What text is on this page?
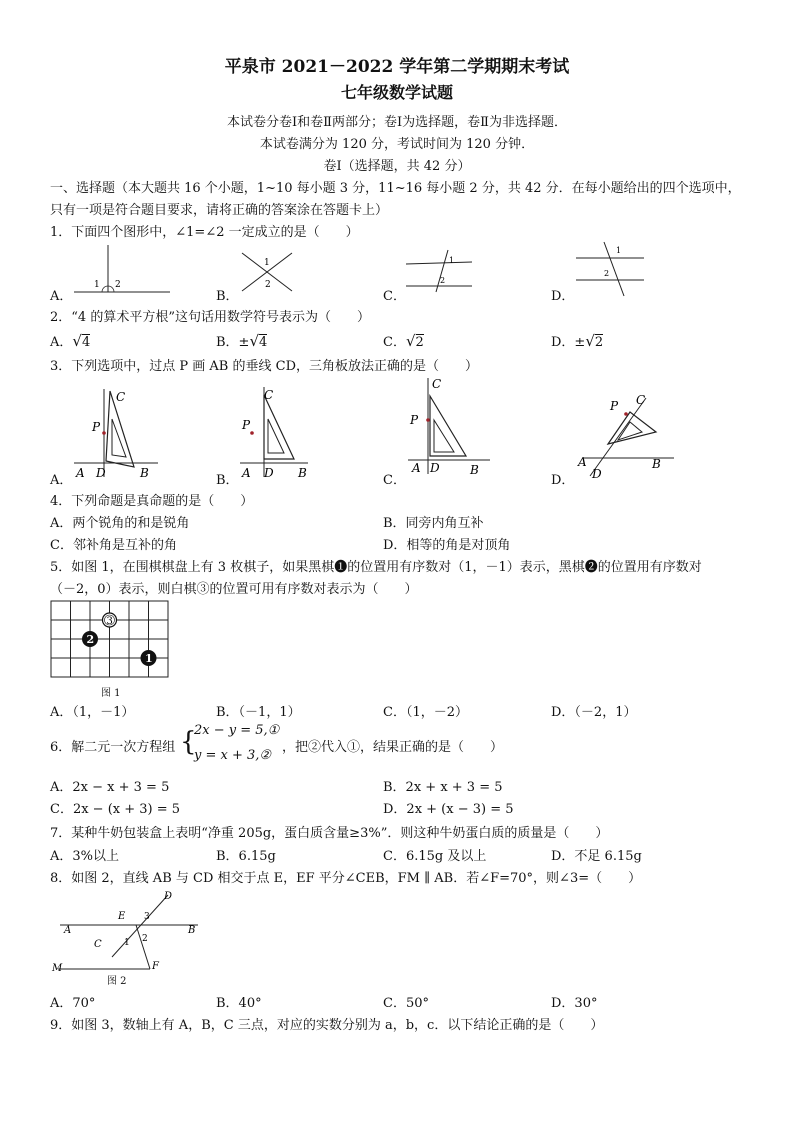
平泉市 2021－2022 学年第二学期期末考试
七年级数学试题
本试卷分卷Ⅰ和卷Ⅱ两部分；卷Ⅰ为选择题，卷Ⅱ为非选择题．
本试卷满分为 120 分，考试时间为 120 分钟．
卷Ⅰ（选择题，共 42 分）
一、选择题（本大题共 16 个小题，1~10 每小题 3 分，11~16 每小题 2 分，共 42 分．在每小题给出的四个选项中，
只有一项是符合题目要求，请将正确的答案涂在答题卡上）
1．下面四个图形中，∠1=∠2 一定成立的是（　　）
A．
1 2
B．
1
2
C．
1
2
D．
1
2
2．“4 的算术平方根”这句话用数学符号表示为（　　）
A．√4	B．±√4	C．√2	D．±√2
3．下列选项中，过点 P 画 AB 的垂线 CD，三角板放法正确的是（　　）
A．
C
P
A D	B	B．
C
P
A D B	C．
C
P
A D	B
D．
P C
A
D
B
4．下列命题是真命题的是（　　）
A．两个锐角的和是锐角	B．同旁内角互补
C．邻补角是互补的角	D．相等的角是对顶角
5．如图 1，在围棋棋盘上有 3 枚棋子，如果黑棋❶的位置用有序数对（1，－1）表示，黑棋❷的位置用有序数对
（－2，0）表示，则白棋③的位置可用有序数对表示为（　　）
3
2
1
图 1
A．（1，－1）	B．（－1，1）	C．（1，－2）	D．（－2，1）
6．解二元一次方程组 {
2x − y = 5,①
y = x + 3,②
，把②代入①，结果正确的是（　　）
A．2x − x + 3 = 5	B．2x + x + 3 = 5
C．2x − (x + 3) = 5	D．2x + (x − 3) = 5
7．某种牛奶包装盒上表明“净重 205g，蛋白质含量≥3%”．则这种牛奶蛋白质的质量是（　　）
A．3%以上	B．6.15g	C．6.15g 及以上	D．不足 6.15g
8．如图 2，直线 AB 与 CD 相交于点 E，EF 平分∠CEB，FM ∥ AB．若∠F=70°，则∠3=（　　）
D
E 3
A	B
C 1 2
M	F
图 2
A．70°	B．40°	C．50°	D．30°
9．如图 3，数轴上有 A，B，C 三点，对应的实数分别为 a，b，c．以下结论正确的是（　　）
